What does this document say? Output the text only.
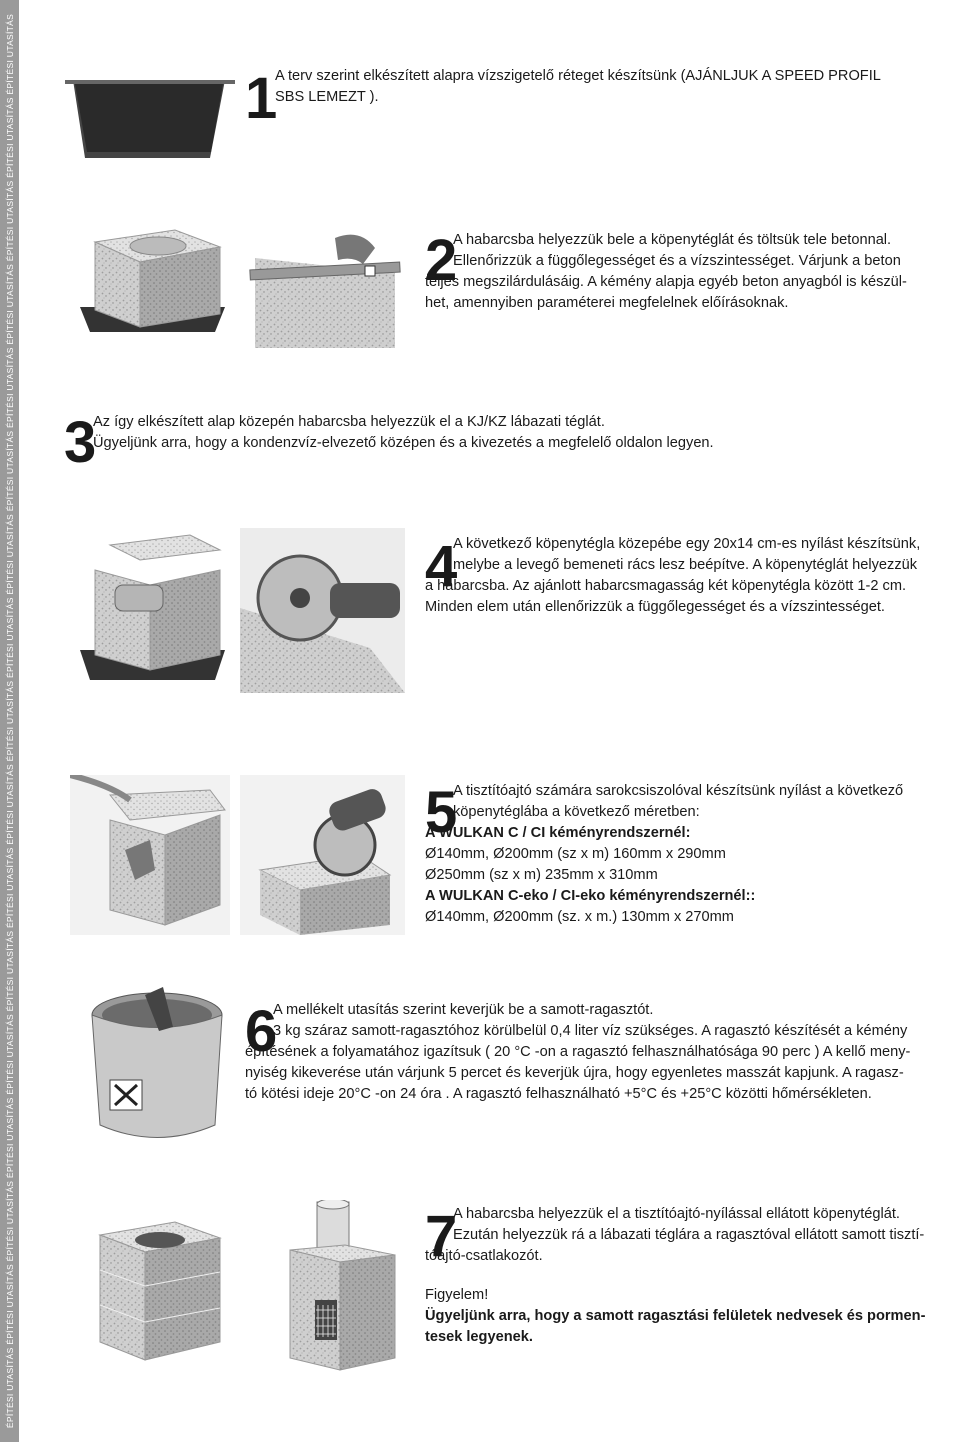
ÉPÍTÉSI UTASÍTÁS ÉPÍTÉSI UTASÍTÁS ÉPÍTÉSI UTASÍTÁS ÉPÍTÉSI UTASÍTÁS ÉPÍTÉSI UTASÍTÁS ÉPÍTÉSI UTASÍTÁS ÉPÍTÉSI UTASÍTÁS ÉPÍTÉSI UTASÍTÁS ÉPÍTÉSI UTASÍTÁS ÉPÍTÉSI UTASÍTÁS ÉPÍTÉSI UTASÍTÁS ÉPÍTÉSI UTASÍTÁS ÉPÍTÉSI UTASÍTÁS ÉPÍTÉSI UTASÍTÁS ÉPÍTÉSI UTASÍTÁS ÉPÍTÉSI UTASÍTÁS ÉPÍTÉSI UTASÍTÁS	1

A terv szerint elkészített alapra vízszigetelő réteget készítsünk (AJÁNLJUK A SPEED PROFIL

SBS LEMEZT ).

2

A habarcsba helyezzük bele a köpenytéglát és töltsük tele betonnal.

Ellenőrizzük a függőlegességet és a vízszintességet. Várjunk a beton

teljes megszilárdulásáig. A kémény alapja egyéb beton anyagból is készül-

het, amennyiben paraméterei megfelelnek előírásoknak.

3

Az így elkészített alap közepén habarcsba helyezzük el a KJ/KZ lábazati téglát.

Ügyeljünk arra, hogy a kondenzvíz-elvezető középen és a kivezetés a megfelelő oldalon legyen.

4

A következő köpenytégla közepébe egy 20x14 cm-es nyílást készítsünk,

melybe a levegő bemeneti rács lesz beépítve. A köpenytéglát helyezzük

a habarcsba. Az ajánlott habarcsmagasság két köpenytégla között 1-2 cm.

Minden elem után ellenőrizzük a függőlegességet és a vízszintességet.

5

A tisztítóajtó számára sarokcsiszolóval készítsünk nyílást a következő

köpenytéglába a következő méretben:

A WULKAN C / CI kéményrendszernél:

Ø140mm, Ø200mm (sz x m) 160mm x 290mm

Ø250mm (sz x m) 235mm x 310mm

A WULKAN C-eko / CI-eko kéményrendszernél::

Ø140mm, Ø200mm (sz. x m.) 130mm x 270mm

6

A mellékelt utasítás szerint keverjük be a samott-ragasztót.

3 kg száraz samott-ragasztóhoz körülbelül 0,4 liter víz szükséges. A ragasztó készítését a kémény

építésének a folyamatához igazítsuk ( 20 °C -on a ragasztó felhasználhatósága 90 perc ) A kellő meny-

nyiség kikeverése után várjunk 5 percet és keverjük újra, hogy egyenletes masszát kapjunk. A ragasz-

tó kötési ideje 20°C -on 24 óra . A ragasztó felhasználható +5°C és +25°C közötti hőmérsékleten.

7

A habarcsba helyezzük el a tisztítóajtó-nyílással ellátott köpenytéglát.

Ezután helyezzük rá a lábazati téglára a ragasztóval ellátott samott tisztí-

tóajtó-csatlakozót.

Figyelem!

Ügyeljünk arra, hogy a samott ragasztási felületek nedvesek és pormen-

tesek legyenek.
